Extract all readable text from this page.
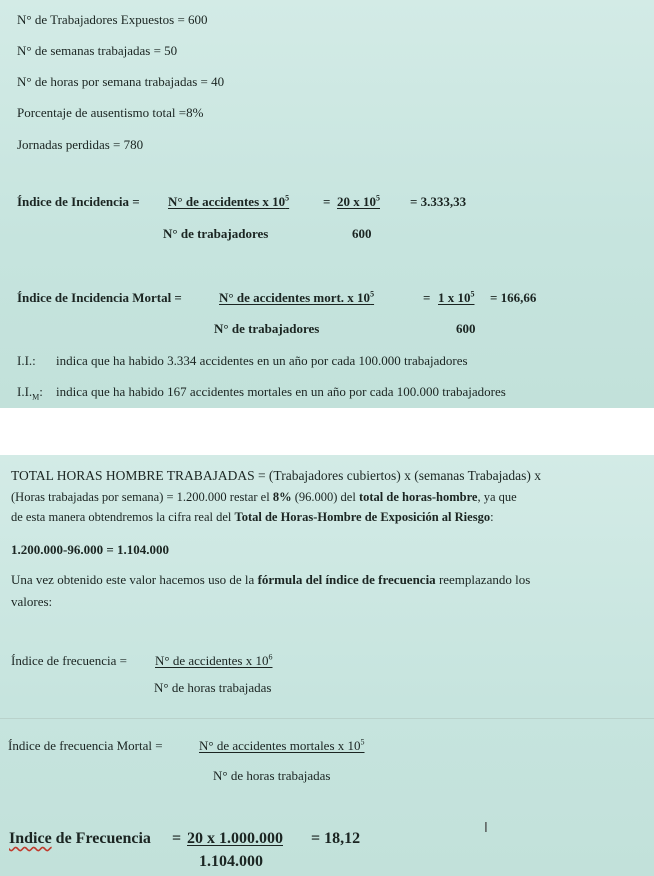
N° de Trabajadores Expuestos = 600
N° de semanas trabajadas = 50
N° de horas por semana trabajadas = 40
Porcentaje de ausentismo total =8%
Jornadas perdidas = 780
Índice de Incidencia = N° de accidentes x $10^5$	= 20 x $10^5 = 3.333,33$
N° de trabajadores	600
Índice de Incidencia Mortal =	N° de accidentes mort. x $10^5$	= 1 x $10^5 = 166,66$
N° de trabajadores	600
I.I.: indica que ha habido 3.334 accidentes en un año por cada 100.000 trabajadores
$I.I._M$: indica que ha habido 167 accidentes mortales en un año por cada 100.000 trabajadores
TOTAL HORAS HOMBRE TRABAJADAS = (Trabajadores cubiertos) x (semanas Trabajadas) x
(Horas trabajadas por semana) = 1.200.000 restar el 8% (96.000) del total de horas-hombre, ya que
de esta manera obtendremos la cifra real del Total de Horas-Hombre de Exposición al Riesgo:
1.200.000-96.000 = 1.104.000
Una vez obtenido este valor hacemos uso de la fórmula del índice de frecuencia reemplazando los
valores:
Índice de frecuencia = N° de accidentes x $10^6$
N° de horas trabajadas
Índice de frecuencia Mortal =	N° de accidentes mortales x $10^5$
N° de horas trabajadas
Indice de Frecuencia = 20 x 1.000.000 = 18,12
1.104.000
I
